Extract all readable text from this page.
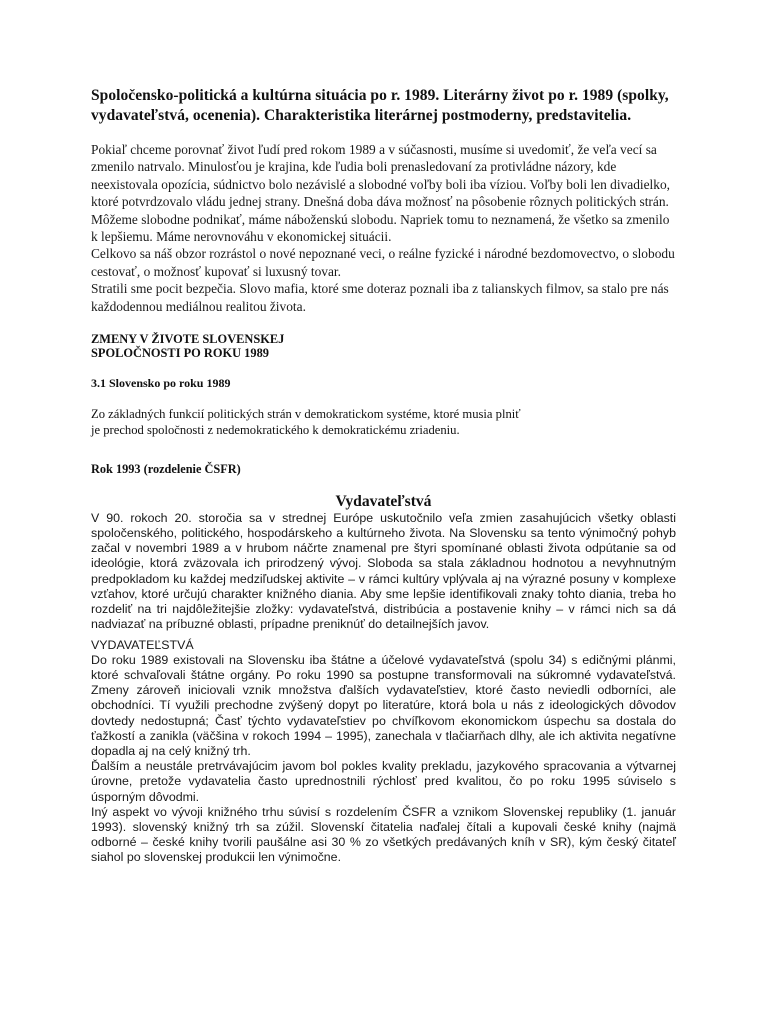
Spoločensko-politická a kultúrna situácia po r. 1989. Literárny život po r. 1989 (spolky, vydavateľstvá, ocenenia). Charakteristika literárnej postmoderny, predstavitelia.

Pokiaľ chceme porovnať život ľudí pred rokom 1989 a v súčasnosti, musíme si uvedomiť, že veľa vecí sa zmenilo natrvalo. Minulosťou je krajina, kde ľudia boli prenasledovaní za protivládne názory, kde neexistovala opozícia, súdnictvo bolo nezávislé a slobodné voľby boli iba víziou. Voľby boli len divadielko, ktoré potvrdzovalo vládu jednej strany. Dnešná doba dáva možnosť na pôsobenie rôznych politických strán. Môžeme slobodne podnikať, máme náboženskú slobodu. Napriek tomu to neznamená, že všetko sa zmenilo k lepšiemu. Máme nerovnováhu v ekonomickej situácii.

Celkovo sa náš obzor rozrástol o nové nepoznané veci, o reálne fyzické i národné bezdomovectvo, o slobodu cestovať, o možnosť kupovať si luxusný tovar.

Stratili sme pocit bezpečia. Slovo mafia, ktoré sme doteraz poznali iba z talianskych filmov, sa stalo pre nás každodennou mediálnou realitou života.

ZMENY V ŽIVOTE SLOVENSKEJ
SPOLOČNOSTI PO ROKU 1989
3.1 Slovensko po roku 1989
Zo základných funkcií politických strán v demokratickom systéme, ktoré musia plniť
je prechod spoločnosti z nedemokratického k demokratickému zriadeniu.
Rok 1993 (rozdelenie ČSFR)
Vydavateľstvá

V 90. rokoch 20. storočia sa v strednej Európe uskutočnilo veľa zmien zasahujúcich všetky oblasti spoločenského, politického, hospodárskeho a kultúrneho života. Na Slovensku sa tento výnimočný pohyb začal v novembri 1989 a v hrubom náčrte znamenal pre štyri spomínané oblasti života odpútanie sa od ideológie, ktorá zväzovala ich prirodzený vývoj. Sloboda sa stala základnou hodnotou a nevyhnutným predpokladom ku každej medziľudskej aktivite – v rámci kultúry vplývala aj na výrazné posuny v komplexe vzťahov, ktoré určujú charakter knižného diania. Aby sme lepšie identifikovali znaky tohto diania, treba ho rozdeliť na tri najdôležitejšie zložky: vydavateľstvá, distribúcia a postavenie knihy – v rámci nich sa dá nadviazať na príbuzné oblasti, prípadne preniknúť do detailnejších javov.

VYDAVATEĽSTVÁ

Do roku 1989 existovali na Slovensku iba štátne a účelové vydavateľstvá (spolu 34) s edičnými plánmi, ktoré schvaľovali štátne orgány. Po roku 1990 sa postupne transformovali na súkromné vydavateľstvá. Zmeny zároveň iniciovali vznik množstva ďalších vydavateľstiev, ktoré často neviedli odborníci, ale obchodníci. Tí využili prechodne zvýšený dopyt po literatúre, ktorá bola u nás z ideologických dôvodov dovtedy nedostupná; Časť týchto vydavateľstiev po chvíľkovom ekonomickom úspechu sa dostala do ťažkostí a zanikla (väčšina v rokoch 1994 – 1995), zanechala v tlačiarňach dlhy, ale ich aktivita negatívne dopadla aj na celý knižný trh.

Ďalším a neustále pretrvávajúcim javom bol pokles kvality prekladu, jazykového spracovania a výtvarnej úrovne, pretože vydavatelia často uprednostnili rýchlosť pred kvalitou, čo po roku 1995 súviselo s úsporným dôvodmi.

Iný aspekt vo vývoji knižného trhu súvisí s rozdelením ČSFR a vznikom Slovenskej republiky (1. január 1993). slovenský knižný trh sa zúžil. Slovenskí čitatelia naďalej čítali a kupovali české knihy (najmä odborné – české knihy tvorili paušálne asi 30 % zo všetkých predávaných kníh v SR), kým český čitateľ siahol po slovenskej produkcii len výnimočne.
